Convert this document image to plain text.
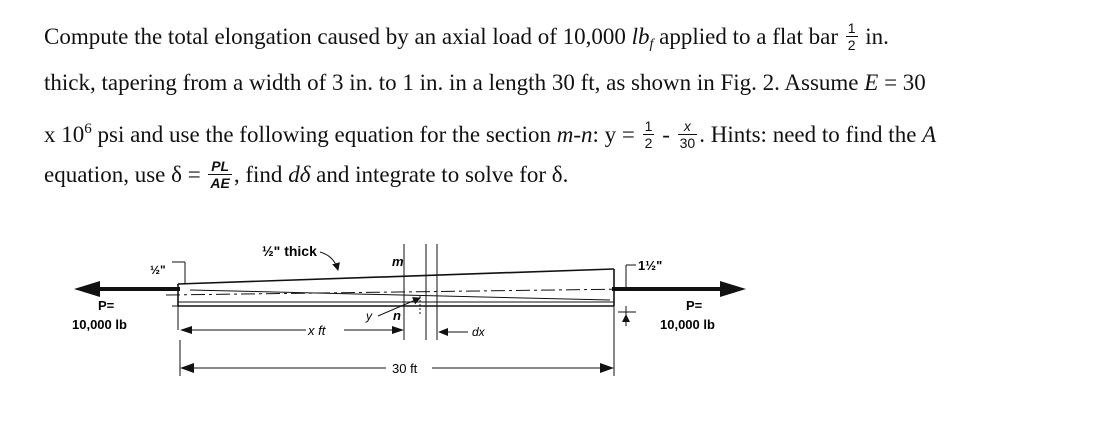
Compute the total elongation caused by an axial load of 10,000 $lb_f$ applied to a flat bar $\frac{1}{2}$ in.
thick, tapering from a width of 3 in. to 1 in. in a length 30 ft, as shown in Fig. 2. Assume E = 30
x $10^6$ psi and use the following equation for the section m-n: $y = \frac{1}{2} - \frac{x}{30}$ . Hints: need to find the A
equation, use $\delta = \frac{PL}{AE}$ , find dδ and integrate to solve for δ.
½"	1½"
½" thick
m
n
y
dx
x ft
30 ft
P=
10,000 lb
P=
10,000 lb
